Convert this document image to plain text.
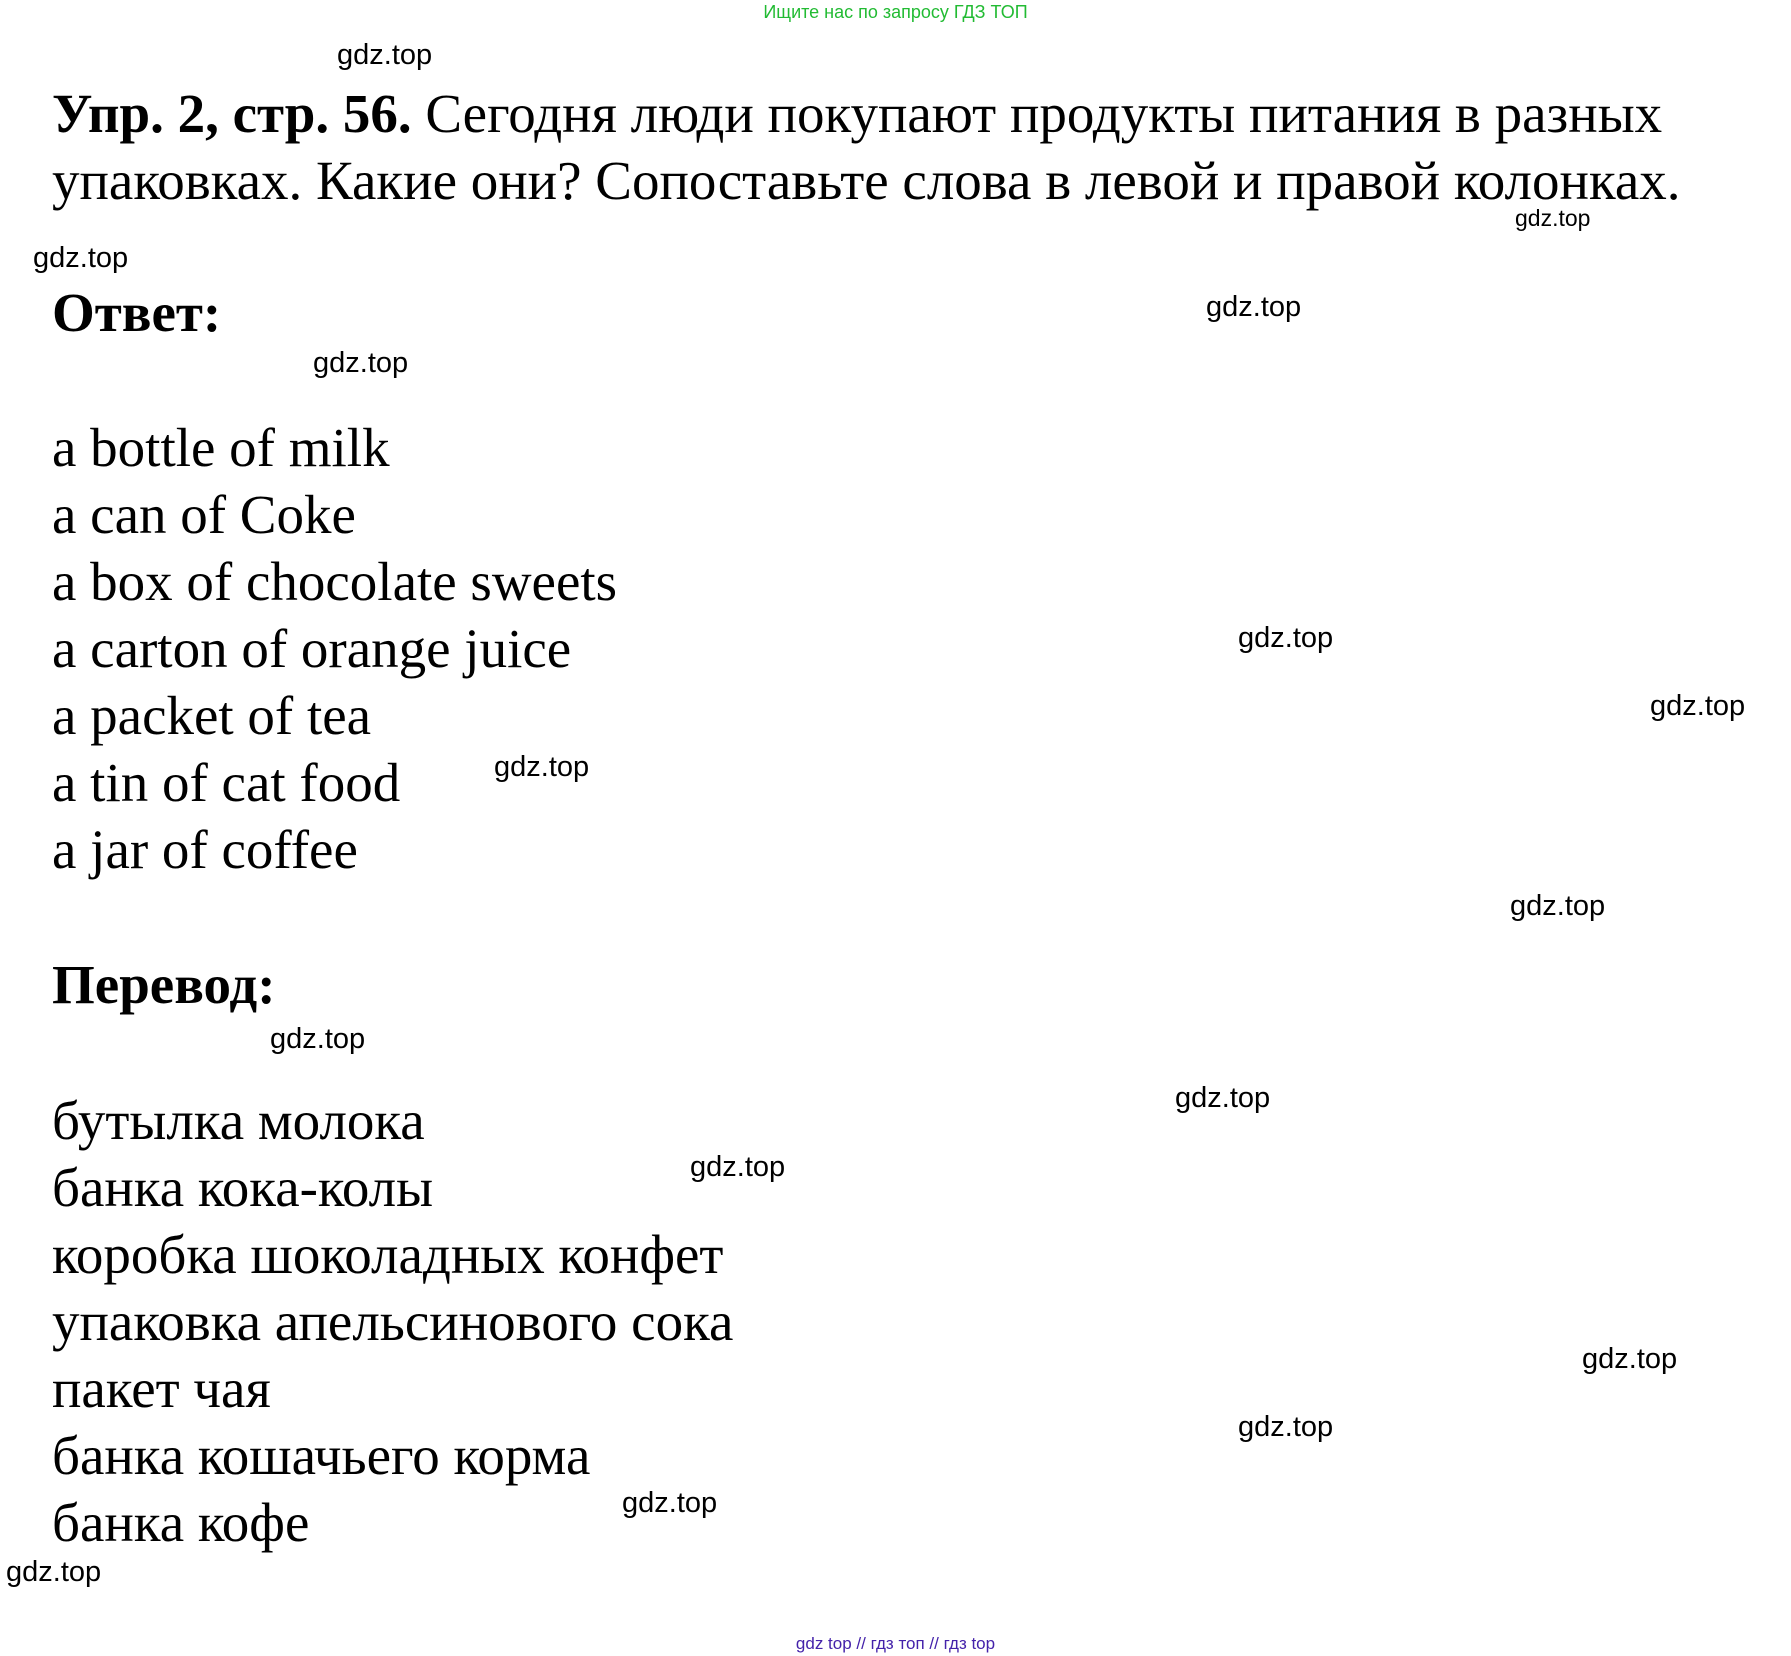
Ищите нас по запросу ГДЗ ТОП
Упр. 2, стр. 56. Сегодня люди покупают продукты питания в разных
упаковках. Какие они? Сопоставьте слова в левой и правой колонках.
Ответ:
a bottle of milk
a can of Coke
a box of chocolate sweets
a carton of orange juice
a packet of tea
a tin of cat food
a jar of coffee
Перевод:
бутылка молока
банка кока-колы
коробка шоколадных конфет
упаковка апельсинового сока
пакет чая
банка кошачьего корма
банка кофе
gdz.top
gdz.top
gdz.top
gdz.top
gdz.top
gdz.top
gdz.top
gdz.top
gdz.top
gdz.top
gdz.top
gdz.top
gdz.top
gdz.top
gdz.top
gdz.top
gdz top // гдз топ // гдз top
